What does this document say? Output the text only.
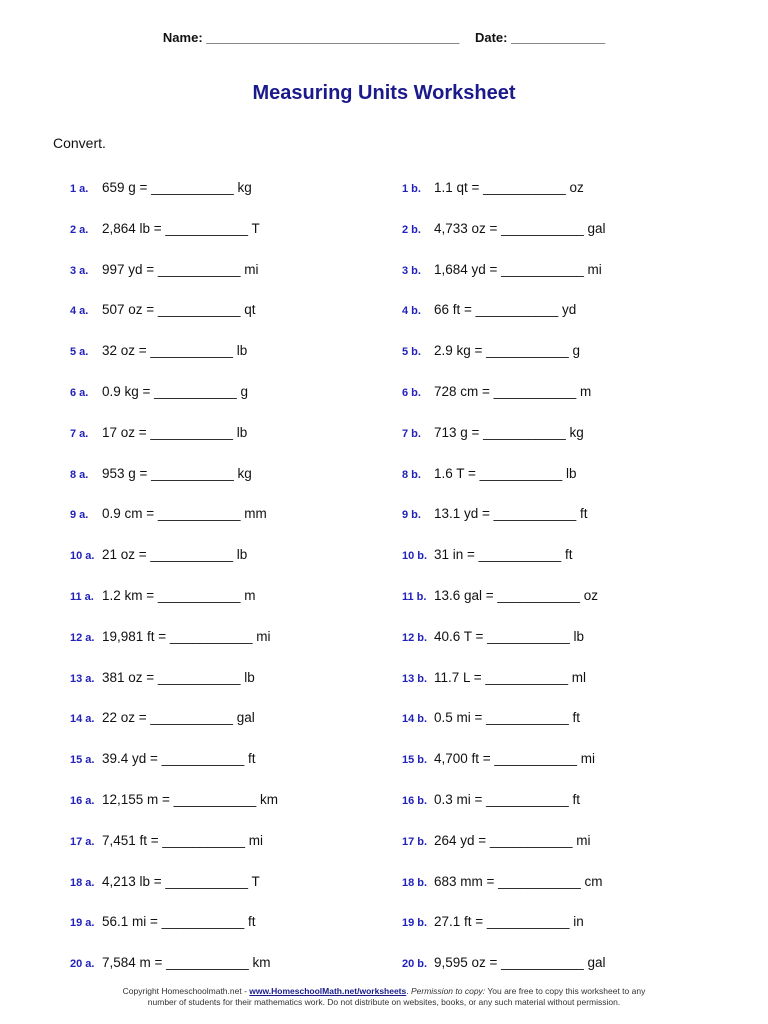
Name: ___________________________________ Date: _____________
Measuring Units Worksheet
Convert.
1 a. 659 g = ___________ kg
2 a. 2,864 lb = ___________ T
3 a. 997 yd = ___________ mi
4 a. 507 oz = ___________ qt
5 a. 32 oz = ___________ lb
6 a. 0.9 kg = ___________ g
7 a. 17 oz = ___________ lb
8 a. 953 g = ___________ kg
9 a. 0.9 cm = ___________ mm
10 a. 21 oz = ___________ lb
11 a. 1.2 km = ___________ m
12 a. 19,981 ft = ___________ mi
13 a. 381 oz = ___________ lb
14 a. 22 oz = ___________ gal
15 a. 39.4 yd = ___________ ft
16 a. 12,155 m = ___________ km
17 a. 7,451 ft = ___________ mi
18 a. 4,213 lb = ___________ T
19 a. 56.1 mi = ___________ ft
20 a. 7,584 m = ___________ km
1 b. 1.1 qt = ___________ oz
2 b. 4,733 oz = ___________ gal
3 b. 1,684 yd = ___________ mi
4 b. 66 ft = ___________ yd
5 b. 2.9 kg = ___________ g
6 b. 728 cm = ___________ m
7 b. 713 g = ___________ kg
8 b. 1.6 T = ___________ lb
9 b. 13.1 yd = ___________ ft
10 b. 31 in = ___________ ft
11 b. 13.6 gal = ___________ oz
12 b. 40.6 T = ___________ lb
13 b. 11.7 L = ___________ ml
14 b. 0.5 mi = ___________ ft
15 b. 4,700 ft = ___________ mi
16 b. 0.3 mi = ___________ ft
17 b. 264 yd = ___________ mi
18 b. 683 mm = ___________ cm
19 b. 27.1 ft = ___________ in
20 b. 9,595 oz = ___________ gal
Copyright Homeschoolmath.net - www.HomeschoolMath.net/worksheets. Permission to copy: You are free to copy this worksheet to any
number of students for their mathematics work. Do not distribute on websites, books, or any such material without permission.
